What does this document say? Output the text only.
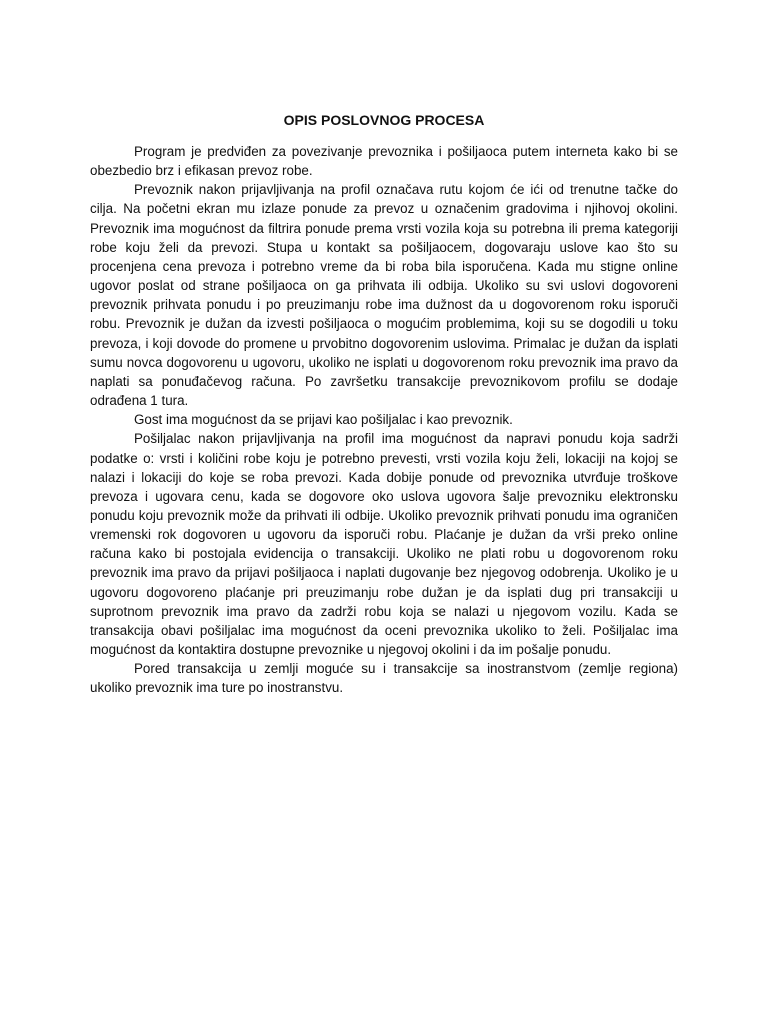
OPIS POSLOVNOG PROCESA

Program je predviđen za povezivanje prevoznika i pošiljaoca putem interneta kako bi se obezbedio brz i efikasan prevoz robe.

Prevoznik nakon prijavljivanja na profil označava rutu kojom će ići od trenutne tačke do cilja. Na početni ekran mu izlaze ponude za prevoz u označenim gradovima i njihovoj okolini. Prevoznik ima mogućnost da filtrira ponude prema vrsti vozila koja su potrebna ili prema kategoriji robe koju želi da prevozi. Stupa u kontakt sa pošiljaocem, dogovaraju uslove kao što su procenjena cena prevoza i potrebno vreme da bi roba bila isporučena. Kada mu stigne online ugovor poslat od strane pošiljaoca on ga prihvata ili odbija. Ukoliko su svi uslovi dogovoreni prevoznik prihvata ponudu i po preuzimanju robe ima dužnost da u dogovorenom roku isporuči robu. Prevoznik je dužan da izvesti pošiljaoca o mogućim problemima, koji su se dogodili u toku prevoza, i koji dovode do promene u prvobitno dogovorenim uslovima. Primalac je dužan da isplati sumu novca dogovorenu u ugovoru, ukoliko ne isplati u dogovorenom roku prevoznik ima pravo da naplati sa ponuđačevog računa. Po završetku transakcije prevoznikovom profilu se dodaje odrađena 1 tura.

Gost ima mogućnost da se prijavi kao pošiljalac i kao prevoznik.

Pošiljalac nakon prijavljivanja na profil ima mogućnost da napravi ponudu koja sadrži podatke o: vrsti i količini robe koju je potrebno prevesti, vrsti vozila koju želi, lokaciji na kojoj se nalazi i lokaciji do koje se roba prevozi. Kada dobije ponude od prevoznika utvrđuje troškove prevoza i ugovara cenu, kada se dogovore oko uslova ugovora šalje prevozniku elektronsku ponudu koju prevoznik može da prihvati ili odbije. Ukoliko prevoznik prihvati ponudu ima ograničen vremenski rok dogovoren u ugovoru da isporuči robu. Plaćanje je dužan da vrši preko online računa kako bi postojala evidencija o transakciji. Ukoliko ne plati robu u dogovorenom roku prevoznik ima pravo da prijavi pošiljaoca i naplati dugovanje bez njegovog odobrenja. Ukoliko je u ugovoru dogovoreno plaćanje pri preuzimanju robe dužan je da isplati dug pri transakciji u suprotnom prevoznik ima pravo da zadrži robu koja se nalazi u njegovom vozilu. Kada se transakcija obavi pošiljalac ima mogućnost da oceni prevoznika ukoliko to želi. Pošiljalac ima mogućnost da kontaktira dostupne prevoznike u njegovoj okolini i da im pošalje ponudu.

Pored transakcija u zemlji moguće su i transakcije sa inostranstvom (zemlje regiona) ukoliko prevoznik ima ture po inostranstvu.
